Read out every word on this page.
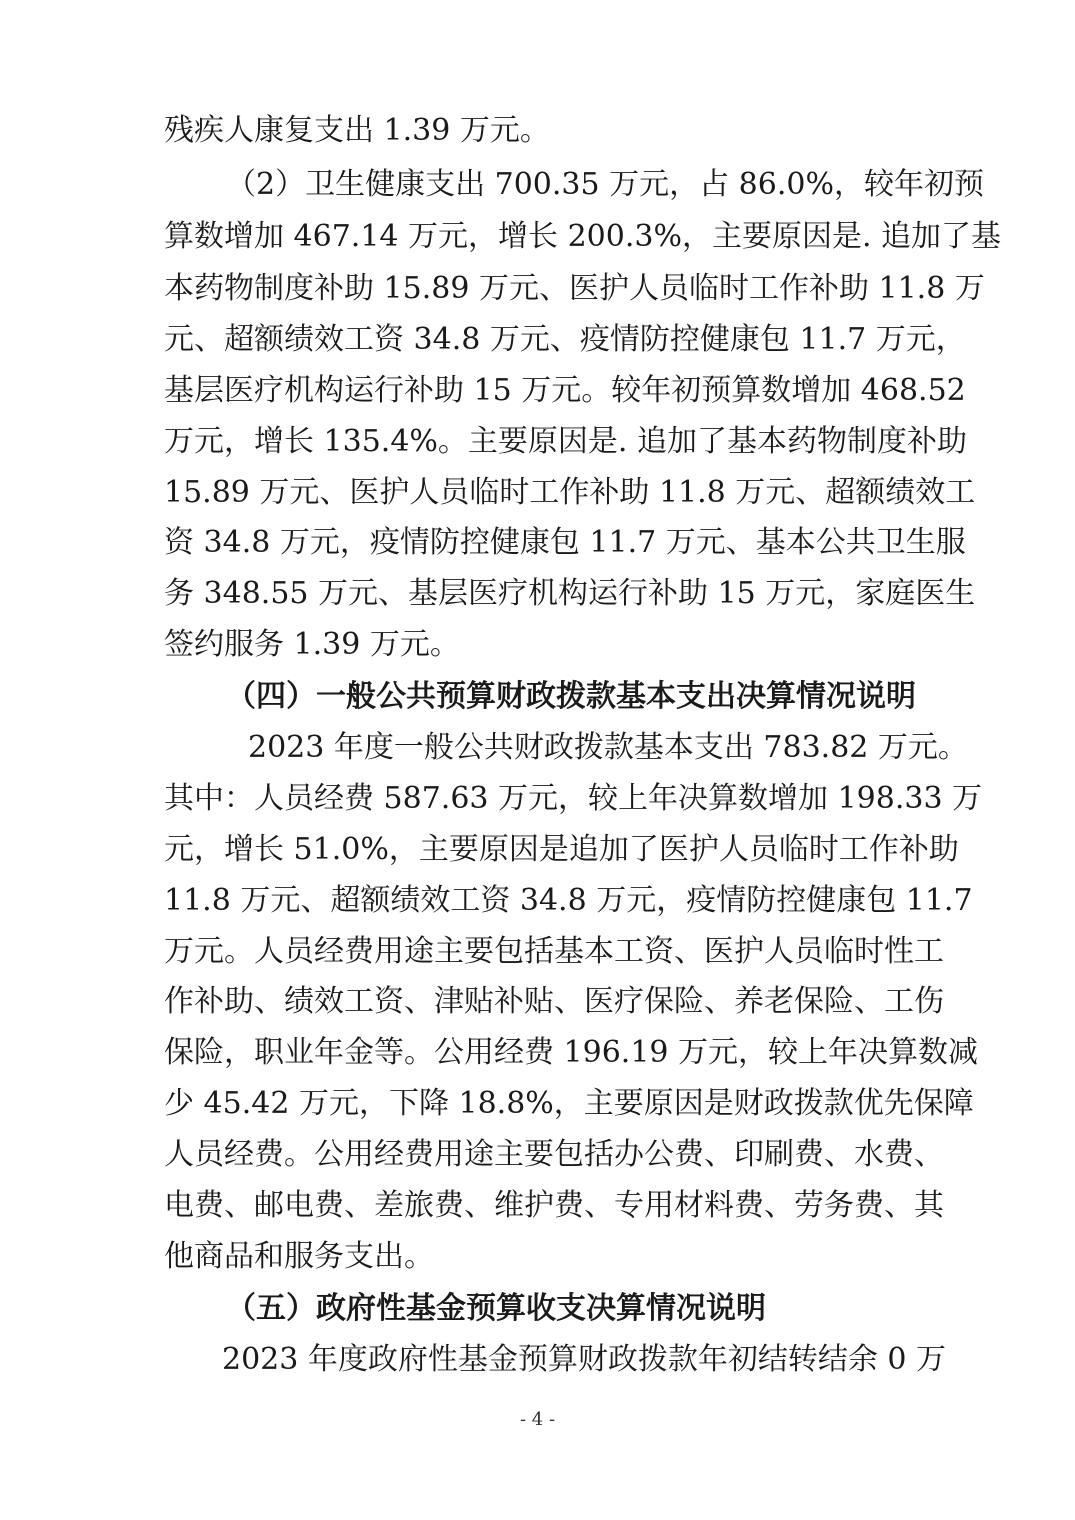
残疾人康复支出 1.39 万元。
（2）卫生健康支出 700.35 万元，占 86.0%，较年初预
算数增加 467.14 万元，增长 200.3%，主要原因是. 追加了基
本药物制度补助 15.89 万元、医护人员临时工作补助 11.8 万
元、超额绩效工资 34.8 万元、疫情防控健康包 11.7 万元，
基层医疗机构运行补助 15 万元。较年初预算数增加 468.52
万元，增长 135.4%。主要原因是. 追加了基本药物制度补助
15.89 万元、医护人员临时工作补助 11.8 万元、超额绩效工
资 34.8 万元，疫情防控健康包 11.7 万元、基本公共卫生服
务 348.55 万元、基层医疗机构运行补助 15 万元，家庭医生
签约服务 1.39 万元。
（四）一般公共预算财政拨款基本支出决算情况说明
2023 年度一般公共财政拨款基本支出 783.82 万元。
其中：人员经费 587.63 万元，较上年决算数增加 198.33 万
元，增长 51.0%，主要原因是追加了医护人员临时工作补助
11.8 万元、超额绩效工资 34.8 万元，疫情防控健康包 11.7
万元。人员经费用途主要包括基本工资、医护人员临时性工
作补助、绩效工资、津贴补贴、医疗保险、养老保险、工伤
保险，职业年金等。公用经费 196.19 万元，较上年决算数减
少 45.42 万元，下降 18.8%，主要原因是财政拨款优先保障
人员经费。公用经费用途主要包括办公费、印刷费、水费、
电费、邮电费、差旅费、维护费、专用材料费、劳务费、其
他商品和服务支出。
（五）政府性基金预算收支决算情况说明
2023 年度政府性基金预算财政拨款年初结转结余 0 万
- 4 -
